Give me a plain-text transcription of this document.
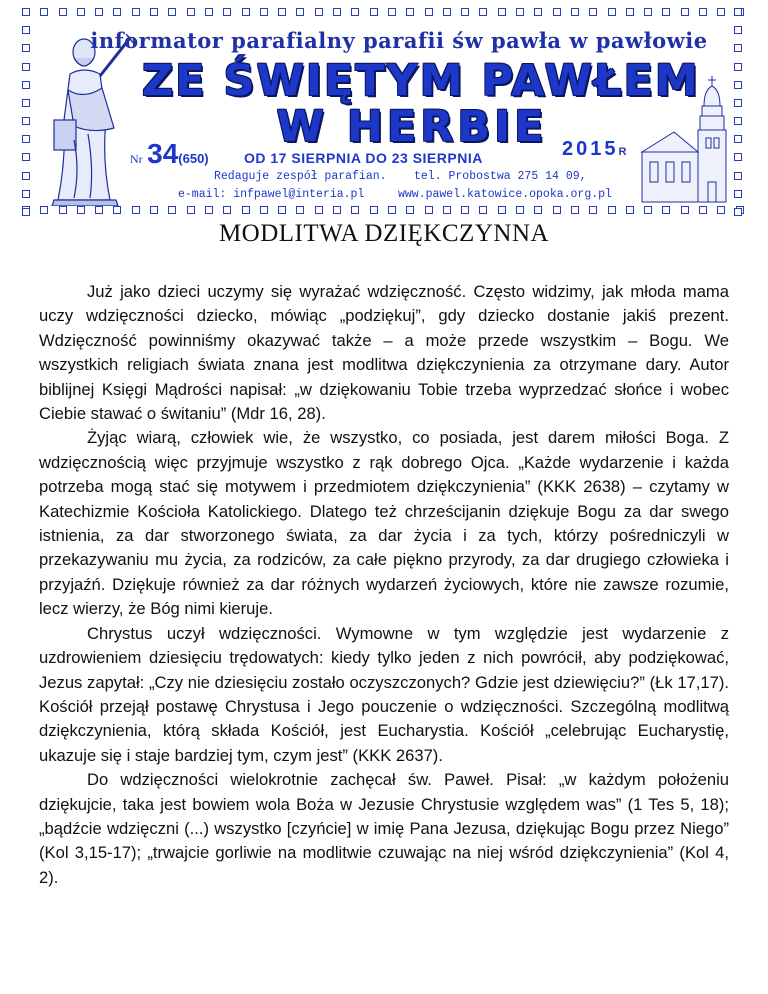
informator parafialny parafii św pawła w pawłowie
ZE ŚWIĘTYM PAWŁEM
W HERBIE
Nr 34(650)	OD 17 SIERPNIA DO 23 SIERPNIA	2015R
Redaguje zespół parafian. tel. Probostwa 275 14 09,
e-mail: infpawel@interia.pl	www.pawel.katowice.opoka.org.pl
MODLITWA DZIĘKCZYNNA

Już jako dzieci uczymy się wyrażać wdzięczność. Często widzimy, jak młoda mama uczy wdzięczności dziecko, mówiąc „podziękuj”, gdy dziecko dostanie jakiś prezent. Wdzięczność powinniśmy okazywać także – a może przede wszystkim – Bogu. We wszystkich religiach świata znana jest modlitwa dziękczynienia za otrzymane dary. Autor biblijnej Księgi Mądrości napisał: „w dziękowaniu Tobie trzeba wyprzedzać słońce i wobec Ciebie stawać o świtaniu” (Mdr 16, 28).

Żyjąc wiarą, człowiek wie, że wszystko, co posiada, jest darem miłości Boga. Z wdzięcznością więc przyjmuje wszystko z rąk dobrego Ojca. „Każde wydarzenie i każda potrzeba mogą stać się motywem i przedmiotem dziękczynienia” (KKK 2638) – czytamy w Katechizmie Kościoła Katolickiego. Dlatego też chrześcijanin dziękuje Bogu za dar swego istnienia, za dar stworzonego świata, za dar życia i za tych, którzy pośredniczyli w przekazywaniu mu życia, za rodziców, za całe piękno przyrody, za dar drugiego człowieka i przyjaźń. Dziękuje również za dar różnych wydarzeń życiowych, które nie zawsze rozumie, lecz wierzy, że Bóg nimi kieruje.

Chrystus uczył wdzięczności. Wymowne w tym względzie jest wydarzenie z uzdrowieniem dziesięciu trędowatych: kiedy tylko jeden z nich powrócił, aby podziękować, Jezus zapytał: „Czy nie dziesięciu zostało oczyszczonych? Gdzie jest dziewięciu?” (Łk 17,17). Kościół przejął postawę Chrystusa i Jego pouczenie o wdzięczności. Szczególną modlitwą dziękczynienia, którą składa Kościół, jest Eucharystia. Kościół „celebrując Eucharystię, ukazuje się i staje bardziej tym, czym jest” (KKK 2637).

Do wdzięczności wielokrotnie zachęcał św. Paweł. Pisał: „w każdym położeniu dziękujcie, taka jest bowiem wola Boża w Jezusie Chrystusie względem was” (1 Tes 5, 18); „bądźcie wdzięczni (...) wszystko [czyńcie] w imię Pana Jezusa, dziękując Bogu przez Niego” (Kol 3,15-17); „trwajcie gorliwie na modlitwie czuwając na niej wśród dziękczynienia” (Kol 4, 2).
